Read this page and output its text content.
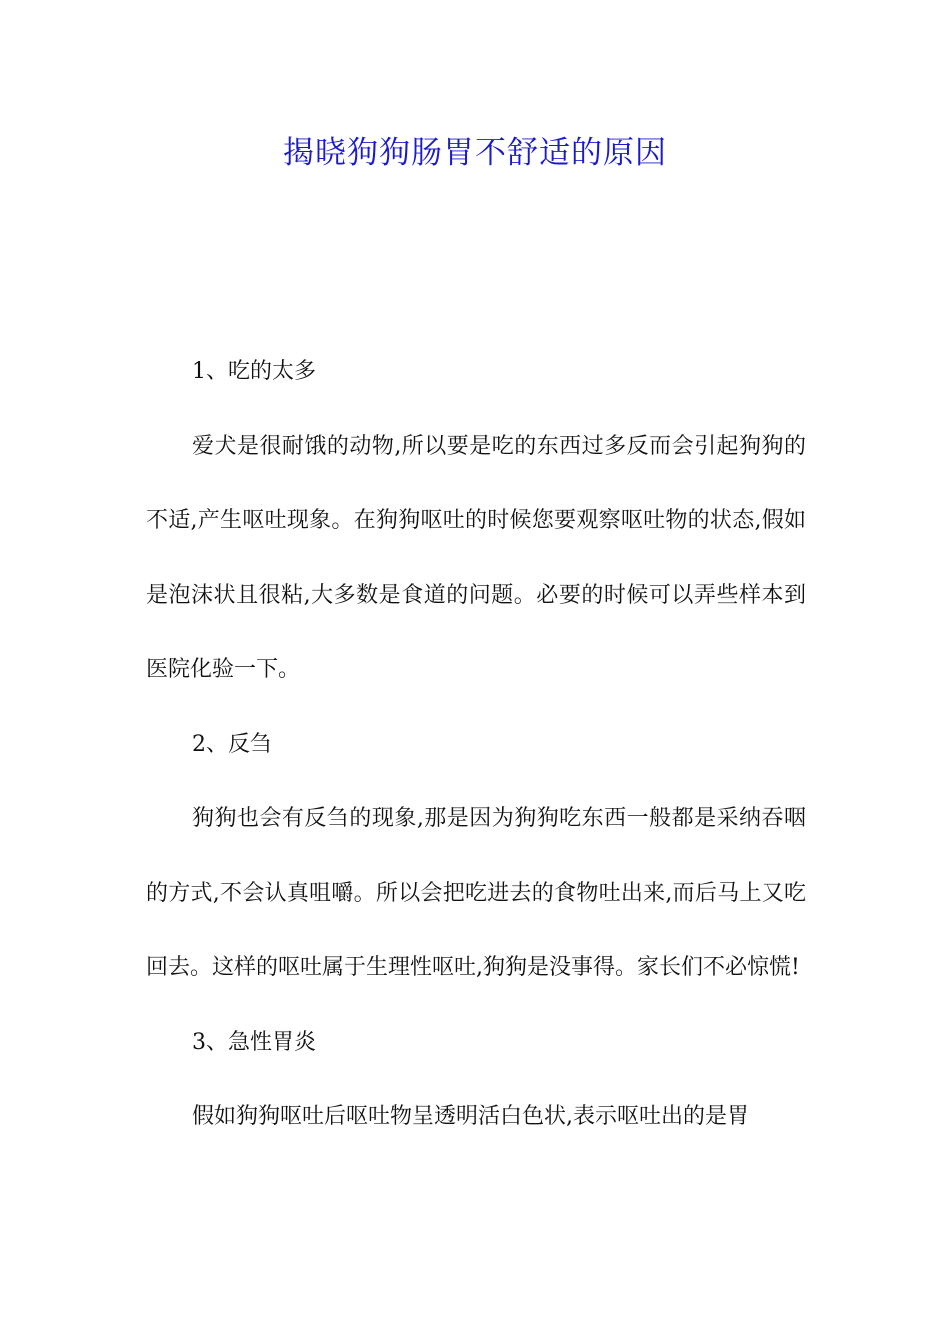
揭晓狗狗肠胃不舒适的原因

1、吃的太多

爱犬是很耐饿的动物,所以要是吃的东西过多反而会引起狗狗的不适,产生呕吐现象。在狗狗呕吐的时候您要观察呕吐物的状态,假如是泡沫状且很粘,大多数是食道的问题。必要的时候可以弄些样本到医院化验一下。

2、反刍

狗狗也会有反刍的现象,那是因为狗狗吃东西一般都是采纳吞咽的方式,不会认真咀嚼。所以会把吃进去的食物吐出来,而后马上又吃回去。这样的呕吐属于生理性呕吐,狗狗是没事得。家长们不必惊慌!

3、急性胃炎

假如狗狗呕吐后呕吐物呈透明活白色状,表示呕吐出的是胃
